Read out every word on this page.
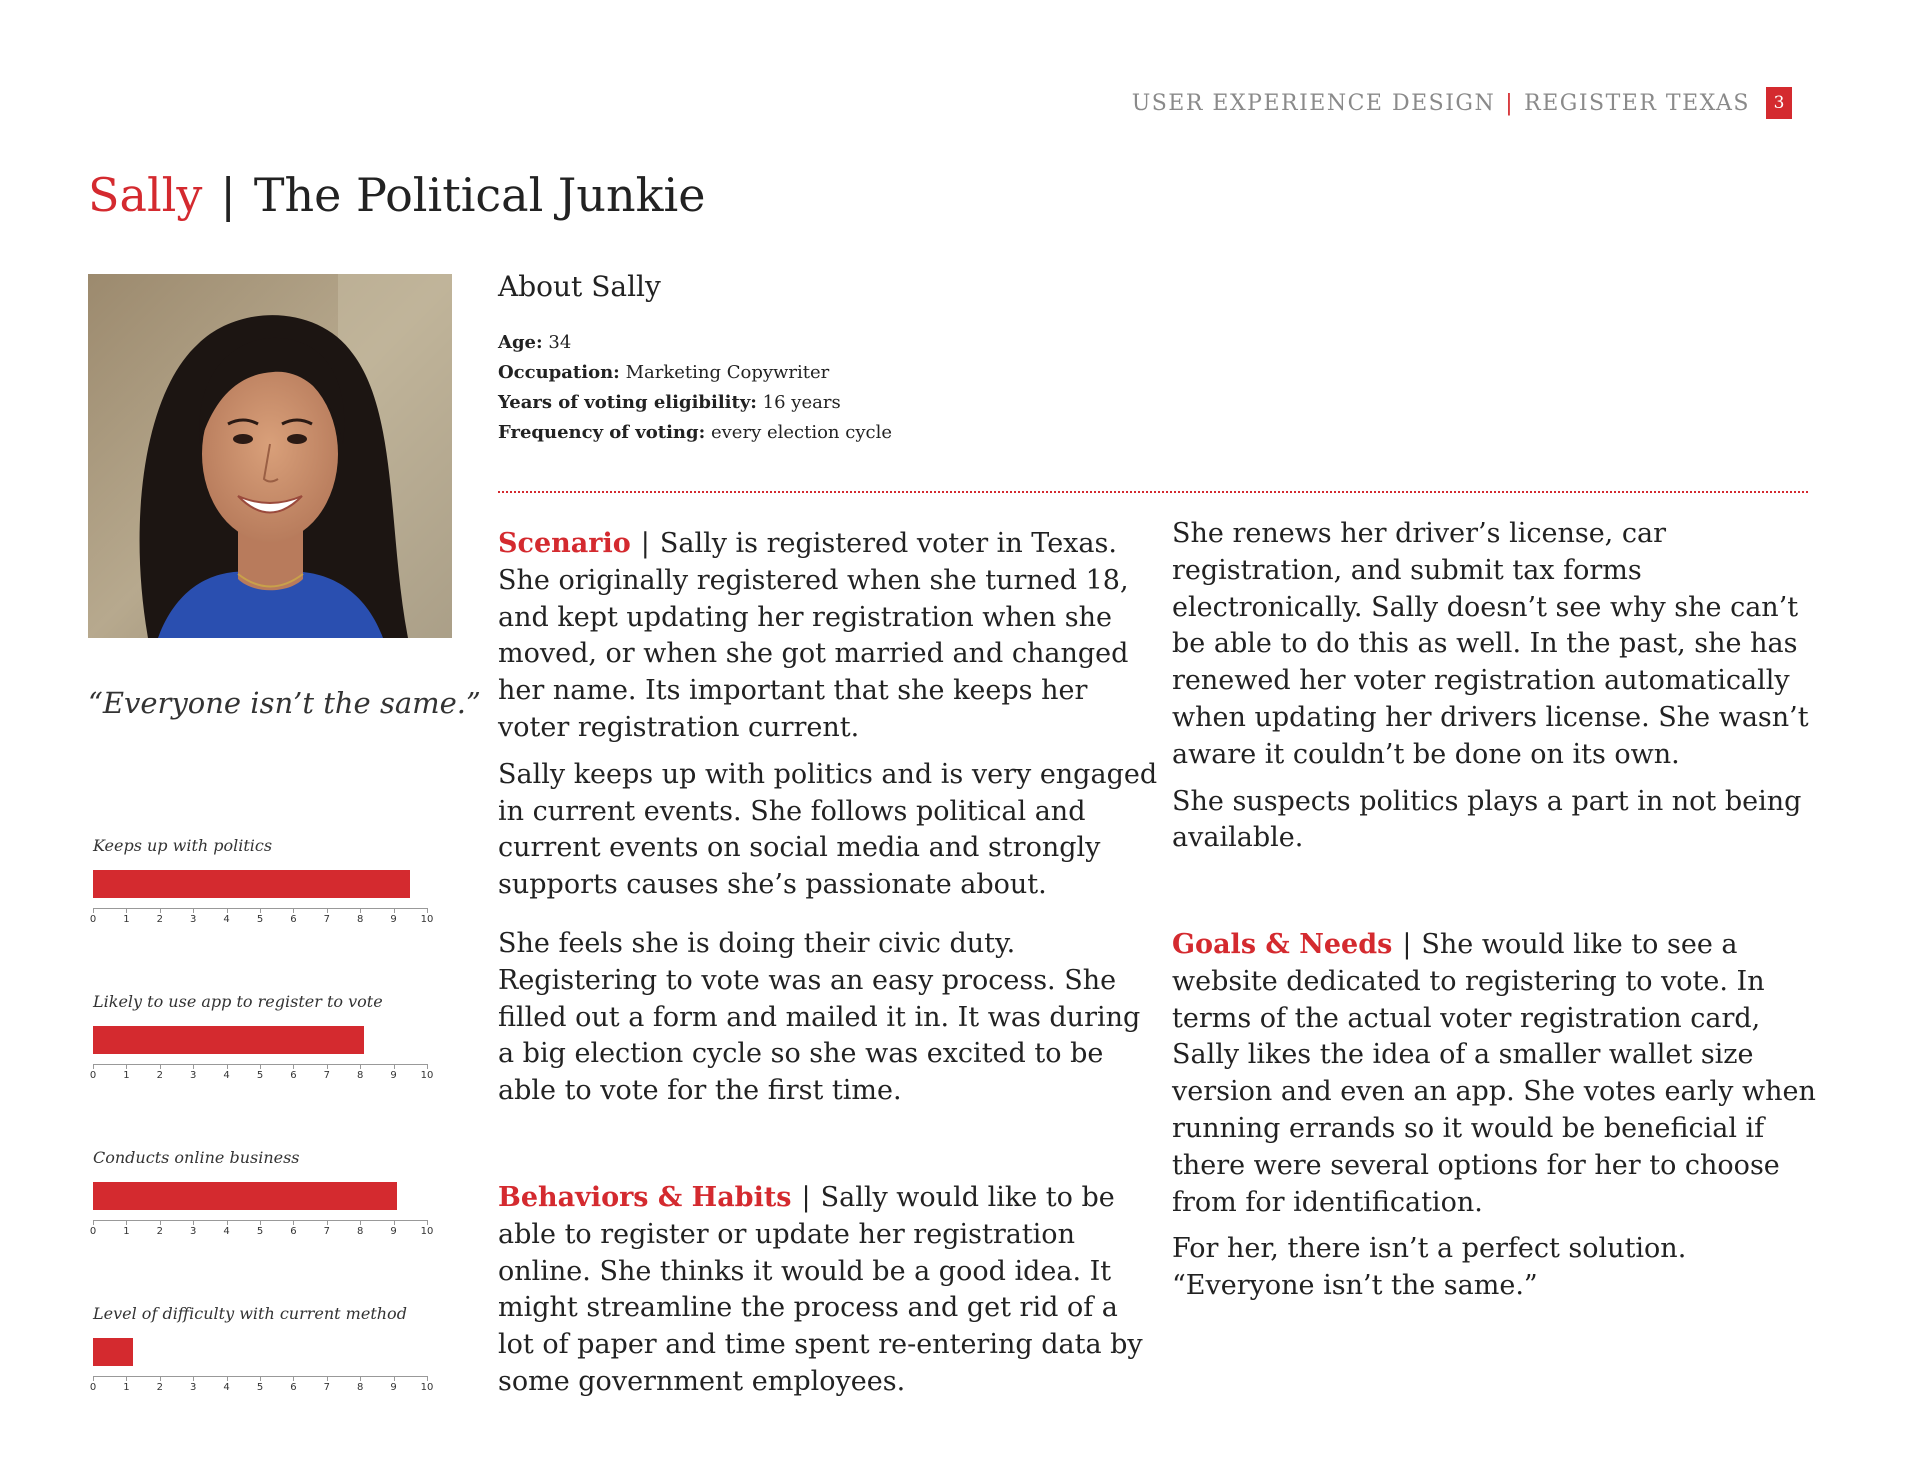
USER EXPERIENCE DESIGN | REGISTER TEXAS	3
Sally | The Political Junkie
“Everyone isn’t the same.”
Keeps up with politics
0	1	2	3	4	5	6	7	8	9 10
Likely to use app to register to vote
0	1	2	3	4	5	6	7	8	9 10
Conducts online business
0	1	2	3	4	5	6	7	8	9 10
Level of difficulty with current method
0	1	2	3	4	5	6	7	8	9 10
About Sally
Age: 34
Occupation: Marketing Copywriter
Years of voting eligibility: 16 years
Frequency of voting: every election cycle

Scenario | Sally is registered voter in Texas. She originally registered when she turned 18, and kept updating her registration when she moved, or when she got married and changed her name. Its important that she keeps her voter registration current.

Sally keeps up with politics and is very engaged in current events. She follows political and current events on social media and strongly supports causes she’s passionate about.

She feels she is doing their civic duty. Registering to vote was an easy process. She filled out a form and mailed it in. It was during a big election cycle so she was excited to be able to vote for the first time.

Behaviors & Habits | Sally would like to be able to register or update her registration online. She thinks it would be a good idea. It might streamline the process and get rid of a lot of paper and time spent re-entering data by some government employees.

She renews her driver’s license, car registration, and submit tax forms electronically. Sally doesn’t see why she can’t be able to do this as well. In the past, she has renewed her voter registration automatically when updating her drivers license. She wasn’t aware it couldn’t be done on its own.

She suspects politics plays a part in not being available.

Goals & Needs | She would like to see a website dedicated to registering to vote. In terms of the actual voter registration card, Sally likes the idea of a smaller wallet size version and even an app. She votes early when running errands so it would be beneficial if there were several options for her to choose from for identification.

For her, there isn’t a perfect solution. “Everyone isn’t the same.”
